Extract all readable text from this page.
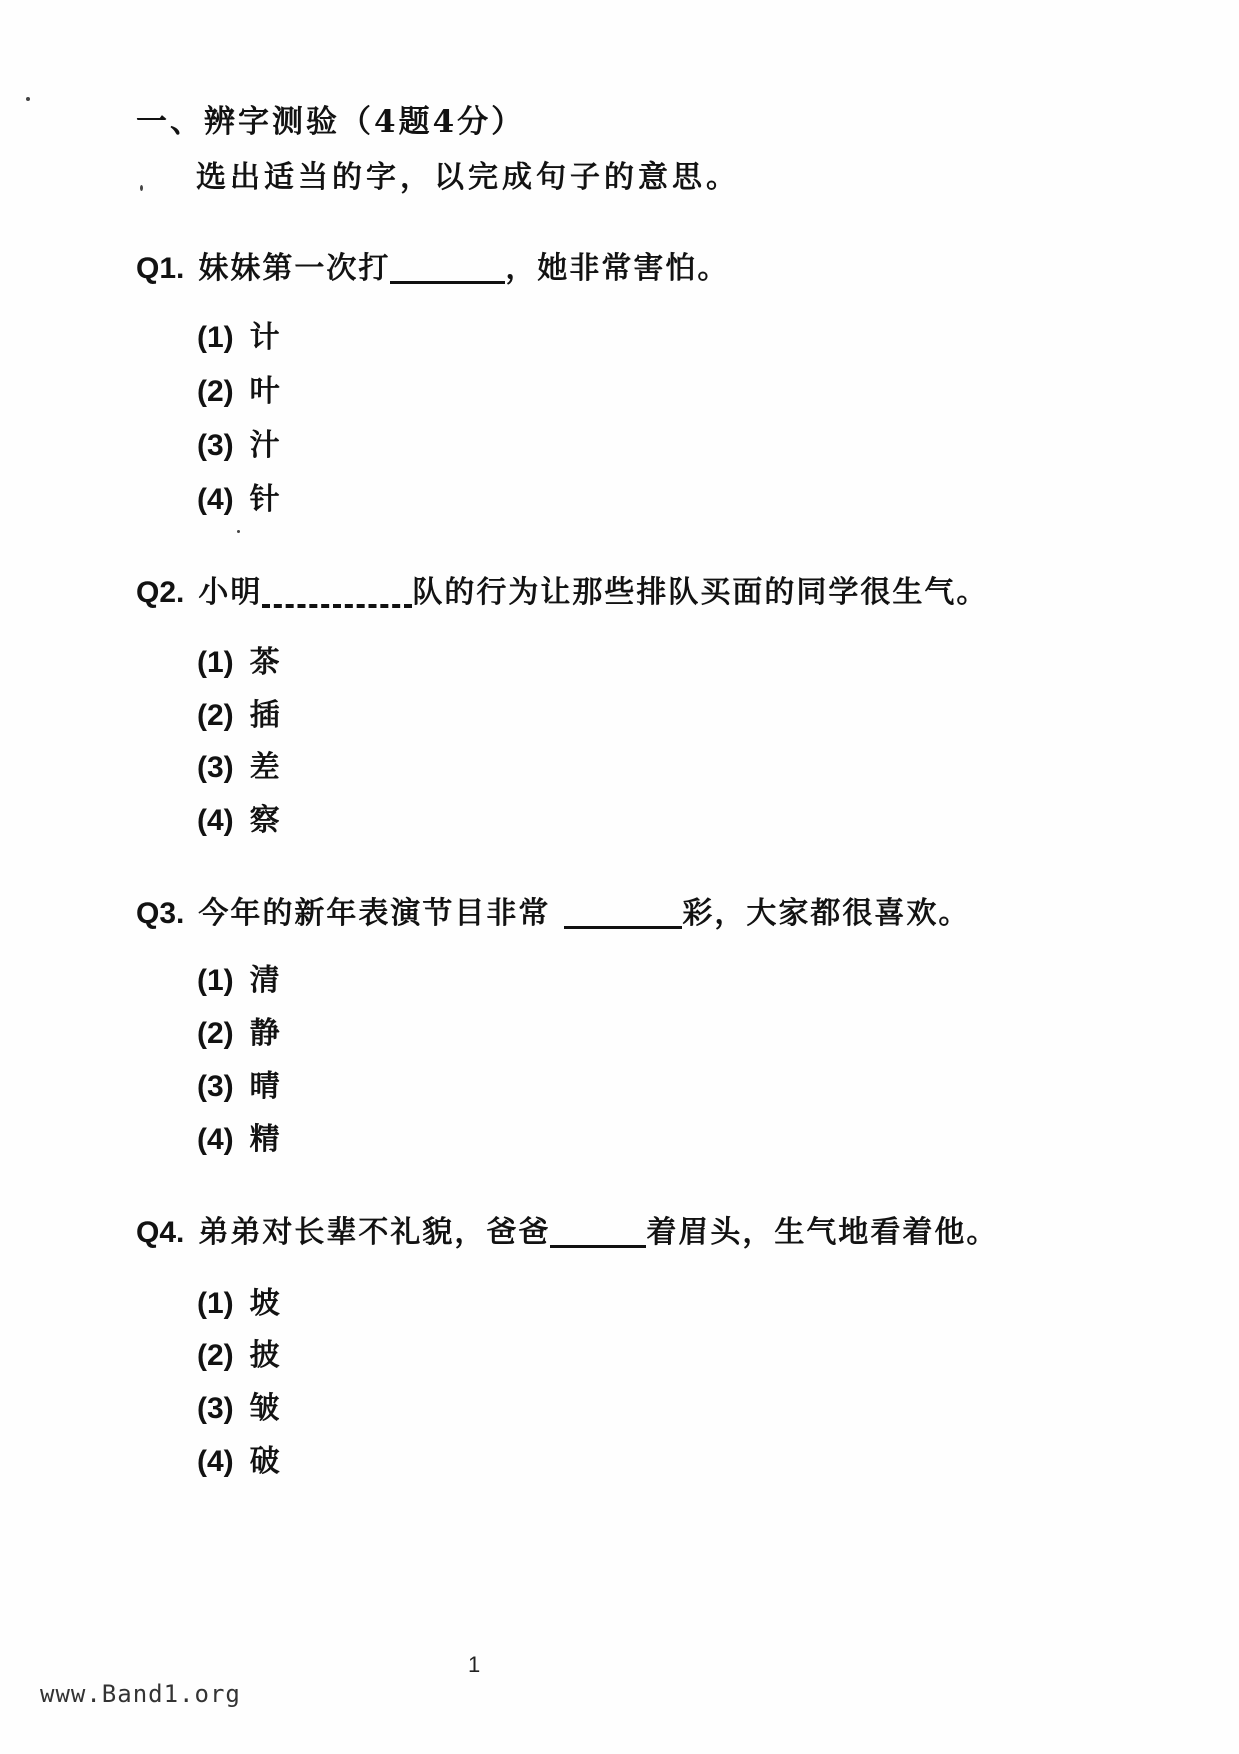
一、辨字测验（4题4分）
选出适当的字，以完成句子的意思。
Q1. 妹妹第一次打	，她非常害怕。
(1) 计
(2) 叶
(3) 汁
(4) 针
Q2. 小明	队的行为让那些排队买面的同学很生气。
(1) 茶
(2) 插
(3) 差
(4) 察
Q3. 今年的新年表演节目非常	彩，大家都很喜欢。
(1) 清
(2) 静
(3) 晴
(4) 精
Q4. 弟弟对长辈不礼貌，爸爸	着眉头，生气地看着他。
(1) 坡
(2) 披
(3) 皱
(4) 破
1
www.Band1.org
